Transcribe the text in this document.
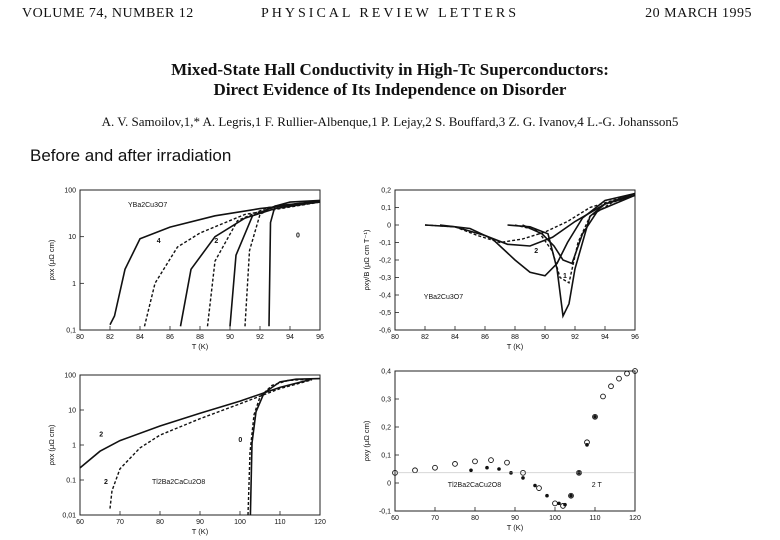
VOLUME 74, NUMBER 12	PHYSICAL REVIEW LETTERS	20 MARCH 1995
Mixed-State Hall Conductivity in High-Tc Superconductors:
Direct Evidence of Its Independence on Disorder
A. V. Samoilov,1,* A. Legris,1 F. Rullier-Albenque,1 P. Lejay,2 S. Bouffard,3 Z. G. Ivanov,4 L.-G. Johansson5
Before and after irradiation
80	82	84	86	88	90	92	94	96
100
10
1
0,1
T (K)
ρxx (μΩ cm)
YBa2Cu3O7
4	2
0
80	82	84	86	88	90	92	94	96
0,2
0,1
0
-0,1
-0,2
-0,3
-0,4
-0,5
-0,6
T (K)
ρxy/B (μΩ cm T⁻¹)
YBa2Cu3O7
2
1
60	70	80	90	100	110	120
100
10
1
0.1
0,01
T (K)
ρxx (μΩ cm)
Tl2Ba2CaCu2O8
2
2
0
60	70	80	90	100	110	120
0,4
0,3
0,2
0,1
0
-0,1
T (K)
ρxy (μΩ cm)
Tl2Ba2CaCu2O8	2 T
